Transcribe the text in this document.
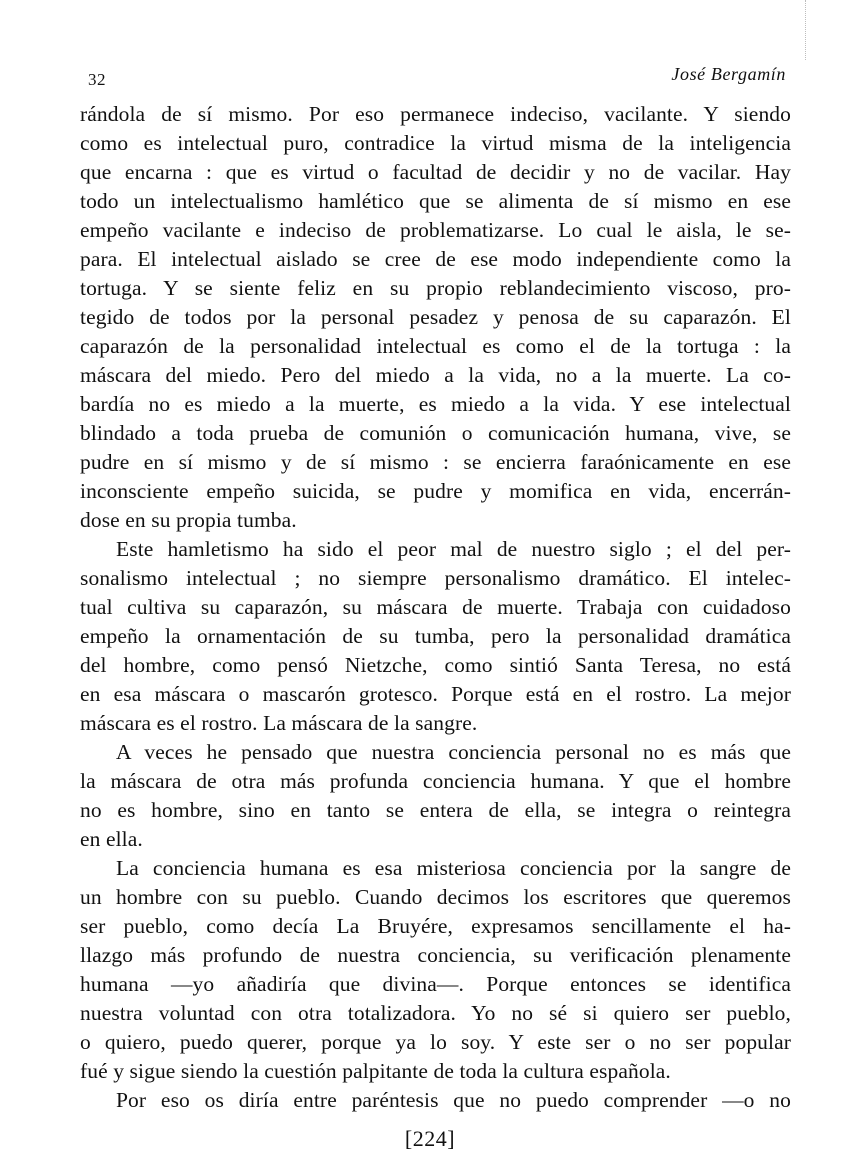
32	José Bergamín
rándola de sí mismo. Por eso permanece indeciso, vacilante. Y siendo
como es intelectual puro, contradice la virtud misma de la inteligencia
que encarna : que es virtud o facultad de decidir y no de vacilar. Hay
todo un intelectualismo hamlético que se alimenta de sí mismo en ese
empeño vacilante e indeciso de problematizarse. Lo cual le aisla, le se-
para. El intelectual aislado se cree de ese modo independiente como la
tortuga. Y se siente feliz en su propio reblandecimiento viscoso, pro-
tegido de todos por la personal pesadez y penosa de su caparazón. El
caparazón de la personalidad intelectual es como el de la tortuga : la
máscara del miedo. Pero del miedo a la vida, no a la muerte. La co-
bardía no es miedo a la muerte, es miedo a la vida. Y ese intelectual
blindado a toda prueba de comunión o comunicación humana, vive, se
pudre en sí mismo y de sí mismo : se encierra faraónicamente en ese
inconsciente empeño suicida, se pudre y momifica en vida, encerrán-
dose en su propia tumba.
Este hamletismo ha sido el peor mal de nuestro siglo ; el del per-
sonalismo intelectual ; no siempre personalismo dramático. El intelec-
tual cultiva su caparazón, su máscara de muerte. Trabaja con cuidadoso
empeño la ornamentación de su tumba, pero la personalidad dramática
del hombre, como pensó Nietzche, como sintió Santa Teresa, no está
en esa máscara o mascarón grotesco. Porque está en el rostro. La mejor
máscara es el rostro. La máscara de la sangre.
A veces he pensado que nuestra conciencia personal no es más que
la máscara de otra más profunda conciencia humana. Y que el hombre
no es hombre, sino en tanto se entera de ella, se integra o reintegra
en ella.
La conciencia humana es esa misteriosa conciencia por la sangre de
un hombre con su pueblo. Cuando decimos los escritores que queremos
ser pueblo, como decía La Bruyére, expresamos sencillamente el ha-
llazgo más profundo de nuestra conciencia, su verificación plenamente
humana —yo añadiría que divina—. Porque entonces se identifica
nuestra voluntad con otra totalizadora. Yo no sé si quiero ser pueblo,
o quiero, puedo querer, porque ya lo soy. Y este ser o no ser popular
fué y sigue siendo la cuestión palpitante de toda la cultura española.
Por eso os diría entre paréntesis que no puedo comprender —o no
[224]
